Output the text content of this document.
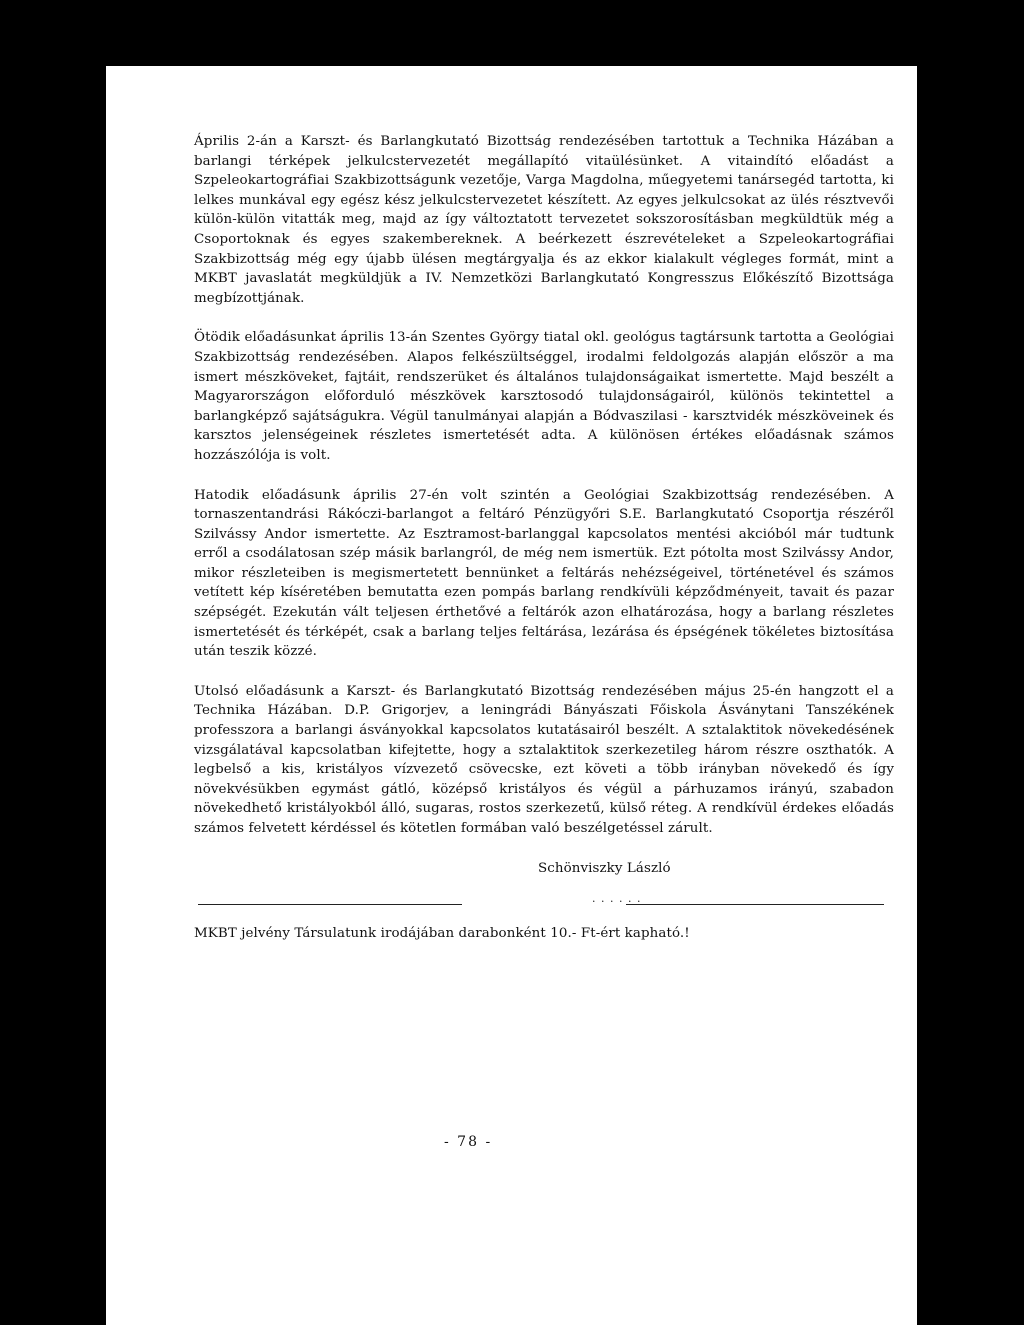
Április 2-án a Karszt- és Barlangkutató Bizottság rendezésében tartottuk a Technika Házában a barlangi térképek jelkulcstervezetét megállapító vitaülésünket. A vitaindító előadást a Szpeleokartográfiai Szakbizottságunk vezetője, Varga Magdolna, műegyetemi tanársegéd tartotta, ki lelkes munkával egy egész kész jelkulcstervezetet készített. Az egyes jelkulcsokat az ülés résztvevői külön-külön vitatták meg, majd az így változtatott tervezetet sokszorosításban megküldtük még a Csoportoknak és egyes szakembereknek. A beérkezett észrevételeket a Szpeleokartográfiai Szakbizottság még egy újabb ülésen megtárgyalja és az ekkor kialakult végleges formát, mint a MKBT javaslatát megküldjük a IV. Nemzetközi Barlangkutató Kongresszus Előkészítő Bizottsága megbízottjának.

Ötödik előadásunkat április 13-án Szentes György tiatal okl. geológus tagtársunk tartotta a Geológiai Szakbizottság rendezésében. Alapos felkészültséggel, irodalmi feldolgozás alapján először a ma ismert mészköveket, fajtáit, rendszerüket és általános tulajdonságaikat ismertette. Majd beszélt a Magyarországon előforduló mészkövek karsztosodó tulajdonságairól, különös tekintettel a barlangképző sajátságukra. Végül tanulmányai alapján a Bódvaszilasi - karsztvidék mészköveinek és karsztos jelenségeinek részletes ismertetését adta. A különösen értékes előadásnak számos hozzászólója is volt.

Hatodik előadásunk április 27-én volt szintén a Geológiai Szakbizottság rendezésében. A tornaszentandrási Rákóczi-barlangot a feltáró Pénzügyőri S.E. Barlangkutató Csoportja részéről Szilvássy Andor ismertette. Az Esztramost-barlanggal kapcsolatos mentési akcióból már tudtunk erről a csodálatosan szép másik barlangról, de még nem ismertük. Ezt pótolta most Szilvássy Andor, mikor részleteiben is megismertetett bennünket a feltárás nehézségeivel, történetével és számos vetített kép kíséretében bemutatta ezen pompás barlang rendkívüli képződményeit, tavait és pazar szépségét. Ezekután vált teljesen érthetővé a feltárók azon elhatározása, hogy a barlang részletes ismertetését és térképét, csak a barlang teljes feltárása, lezárása és épségének tökéletes biztosítása után teszik közzé.

Utolsó előadásunk a Karszt- és Barlangkutató Bizottság rendezésében május 25-én hangzott el a Technika Házában. D.P. Grigorjev, a leningrádi Bányászati Főiskola Ásványtani Tanszékének professzora a barlangi ásványokkal kapcsolatos kutatásairól beszélt. A sztalaktitok növekedésének vizsgálatával kapcsolatban kifejtette, hogy a sztalaktitok szerkezetileg három részre oszthatók. A legbelső a kis, kristályos vízvezető csövecske, ezt követi a több irányban növekedő és így növekvésükben egymást gátló, középső kristályos és végül a párhuzamos irányú, szabadon növekedhető kristályokból álló, sugaras, rostos szerkezetű, külső réteg. A rendkívül érdekes előadás számos felvetett kérdéssel és kötetlen formában való beszélgetéssel zárult.

Schönviszky László
· · · · · ·
MKBT jelvény Társulatunk irodájában darabonként 10.- Ft-ért kapható.!
- 78 -
